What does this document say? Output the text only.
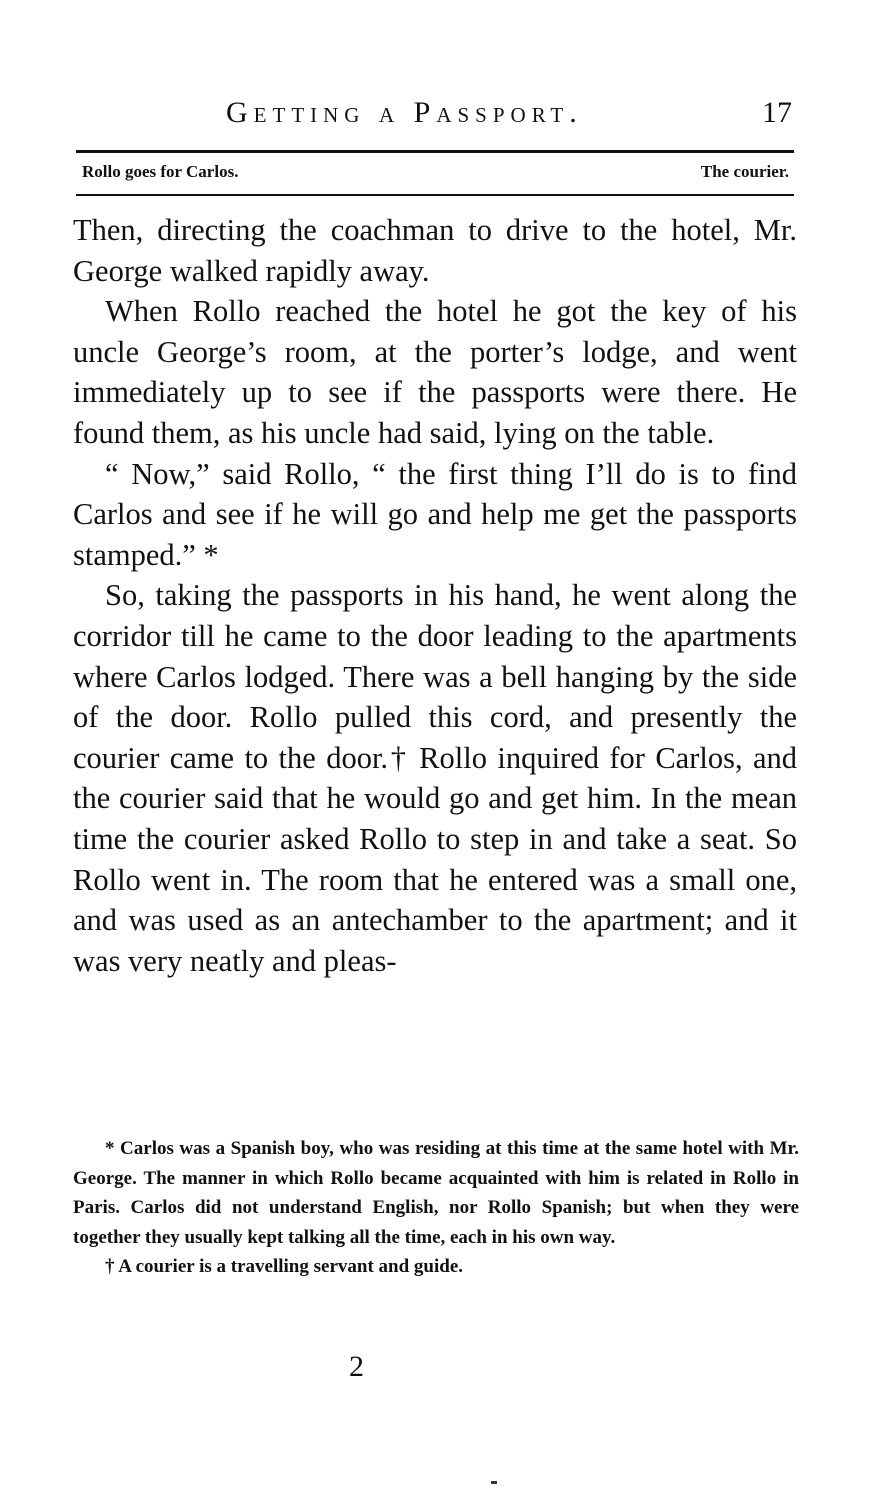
Getting a Passport.	17
Rollo goes for Carlos.	The courier.

Then, directing the coachman to drive to the hotel, Mr. George walked rapidly away.

When Rollo reached the hotel he got the key of his uncle George’s room, at the porter’s lodge, and went immediately up to see if the passports were there. He found them, as his uncle had said, lying on the table.

“ Now,” said Rollo, “ the first thing I’ll do is to find Carlos and see if he will go and help me get the passports stamped.” *

So, taking the passports in his hand, he went along the corridor till he came to the door leading to the apartments where Carlos lodged. There was a bell hanging by the side of the door. Rollo pulled this cord, and presently the courier came to the door.† Rollo inquired for Carlos, and the courier said that he would go and get him. In the mean time the courier asked Rollo to step in and take a seat. So Rollo went in. The room that he entered was a small one, and was used as an antechamber to the apartment; and it was very neatly and pleas-

* Carlos was a Spanish boy, who was residing at this time at the same hotel with Mr. George. The manner in which Rollo became acquainted with him is related in Rollo in Paris. Carlos did not understand English, nor Rollo Spanish; but when they were together they usually kept talking all the time, each in his own way.

† A courier is a travelling servant and guide.

2
